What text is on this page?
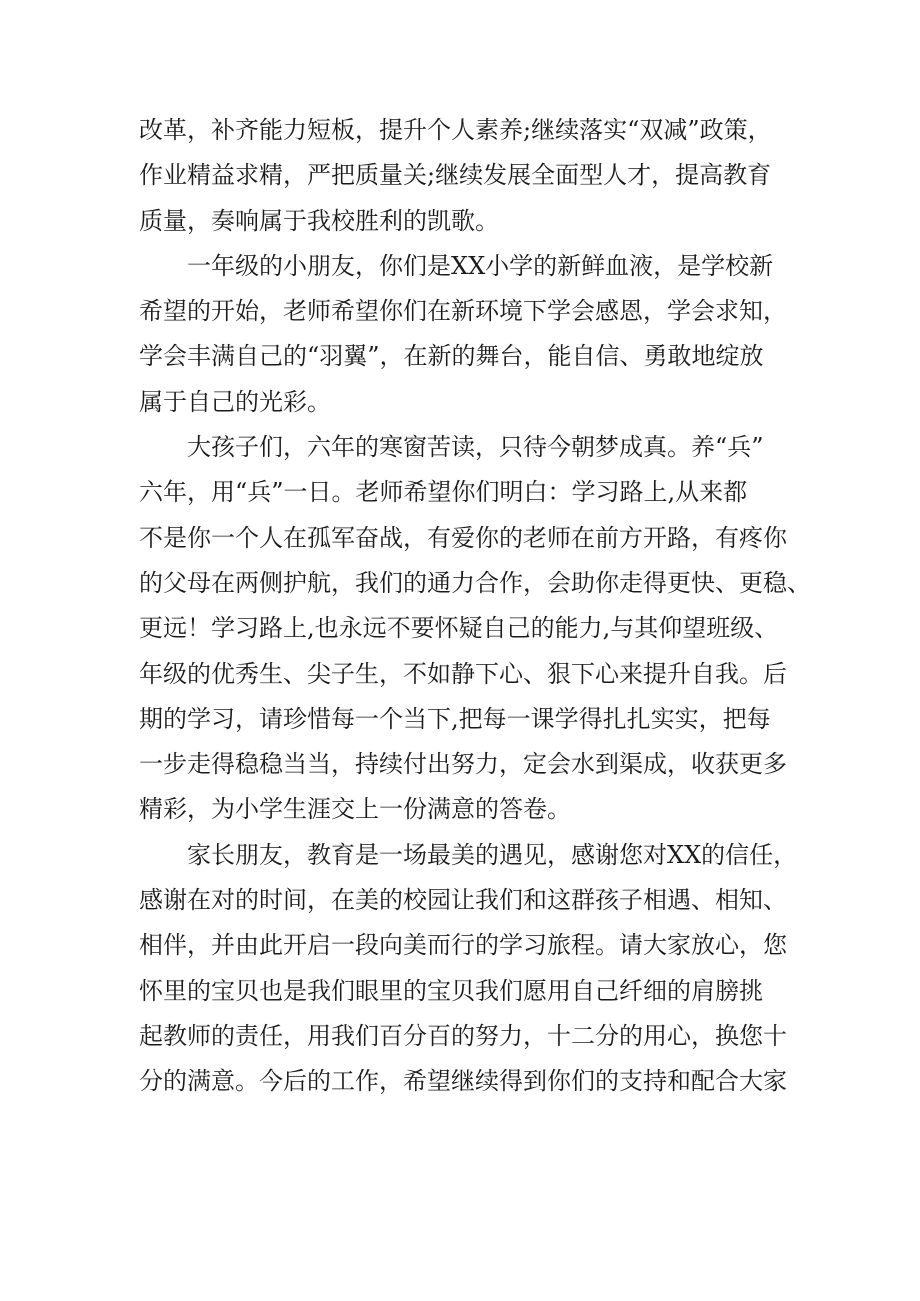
改革，补齐能力短板，提升个人素养;继续落实“双减”政策，
作业精益求精，严把质量关;继续发展全面型人才，提高教育
质量，奏响属于我校胜利的凯歌。
一年级的小朋友，你们是XX小学的新鲜血液，是学校新
希望的开始，老师希望你们在新环境下学会感恩，学会求知，
学会丰满自己的“羽翼”，在新的舞台，能自信、勇敢地绽放
属于自己的光彩。
大孩子们，六年的寒窗苦读，只待今朝梦成真。养“兵”
六年，用“兵”一日。老师希望你们明白：学习路上,从来都
不是你一个人在孤军奋战，有爱你的老师在前方开路，有疼你
的父母在两侧护航，我们的通力合作，会助你走得更快、更稳、
更远！学习路上,也永远不要怀疑自己的能力,与其仰望班级、
年级的优秀生、尖子生，不如静下心、狠下心来提升自我。后
期的学习，请珍惜每一个当下,把每一课学得扎扎实实，把每
一步走得稳稳当当，持续付出努力，定会水到渠成，收获更多
精彩，为小学生涯交上一份满意的答卷。
家长朋友，教育是一场最美的遇见，感谢您对XX的信任，
感谢在对的时间，在美的校园让我们和这群孩子相遇、相知、
相伴，并由此开启一段向美而行的学习旅程。请大家放心，您
怀里的宝贝也是我们眼里的宝贝我们愿用自己纤细的肩膀挑
起教师的责任，用我们百分百的努力，十二分的用心，换您十
分的满意。今后的工作，希望继续得到你们的支持和配合大家
